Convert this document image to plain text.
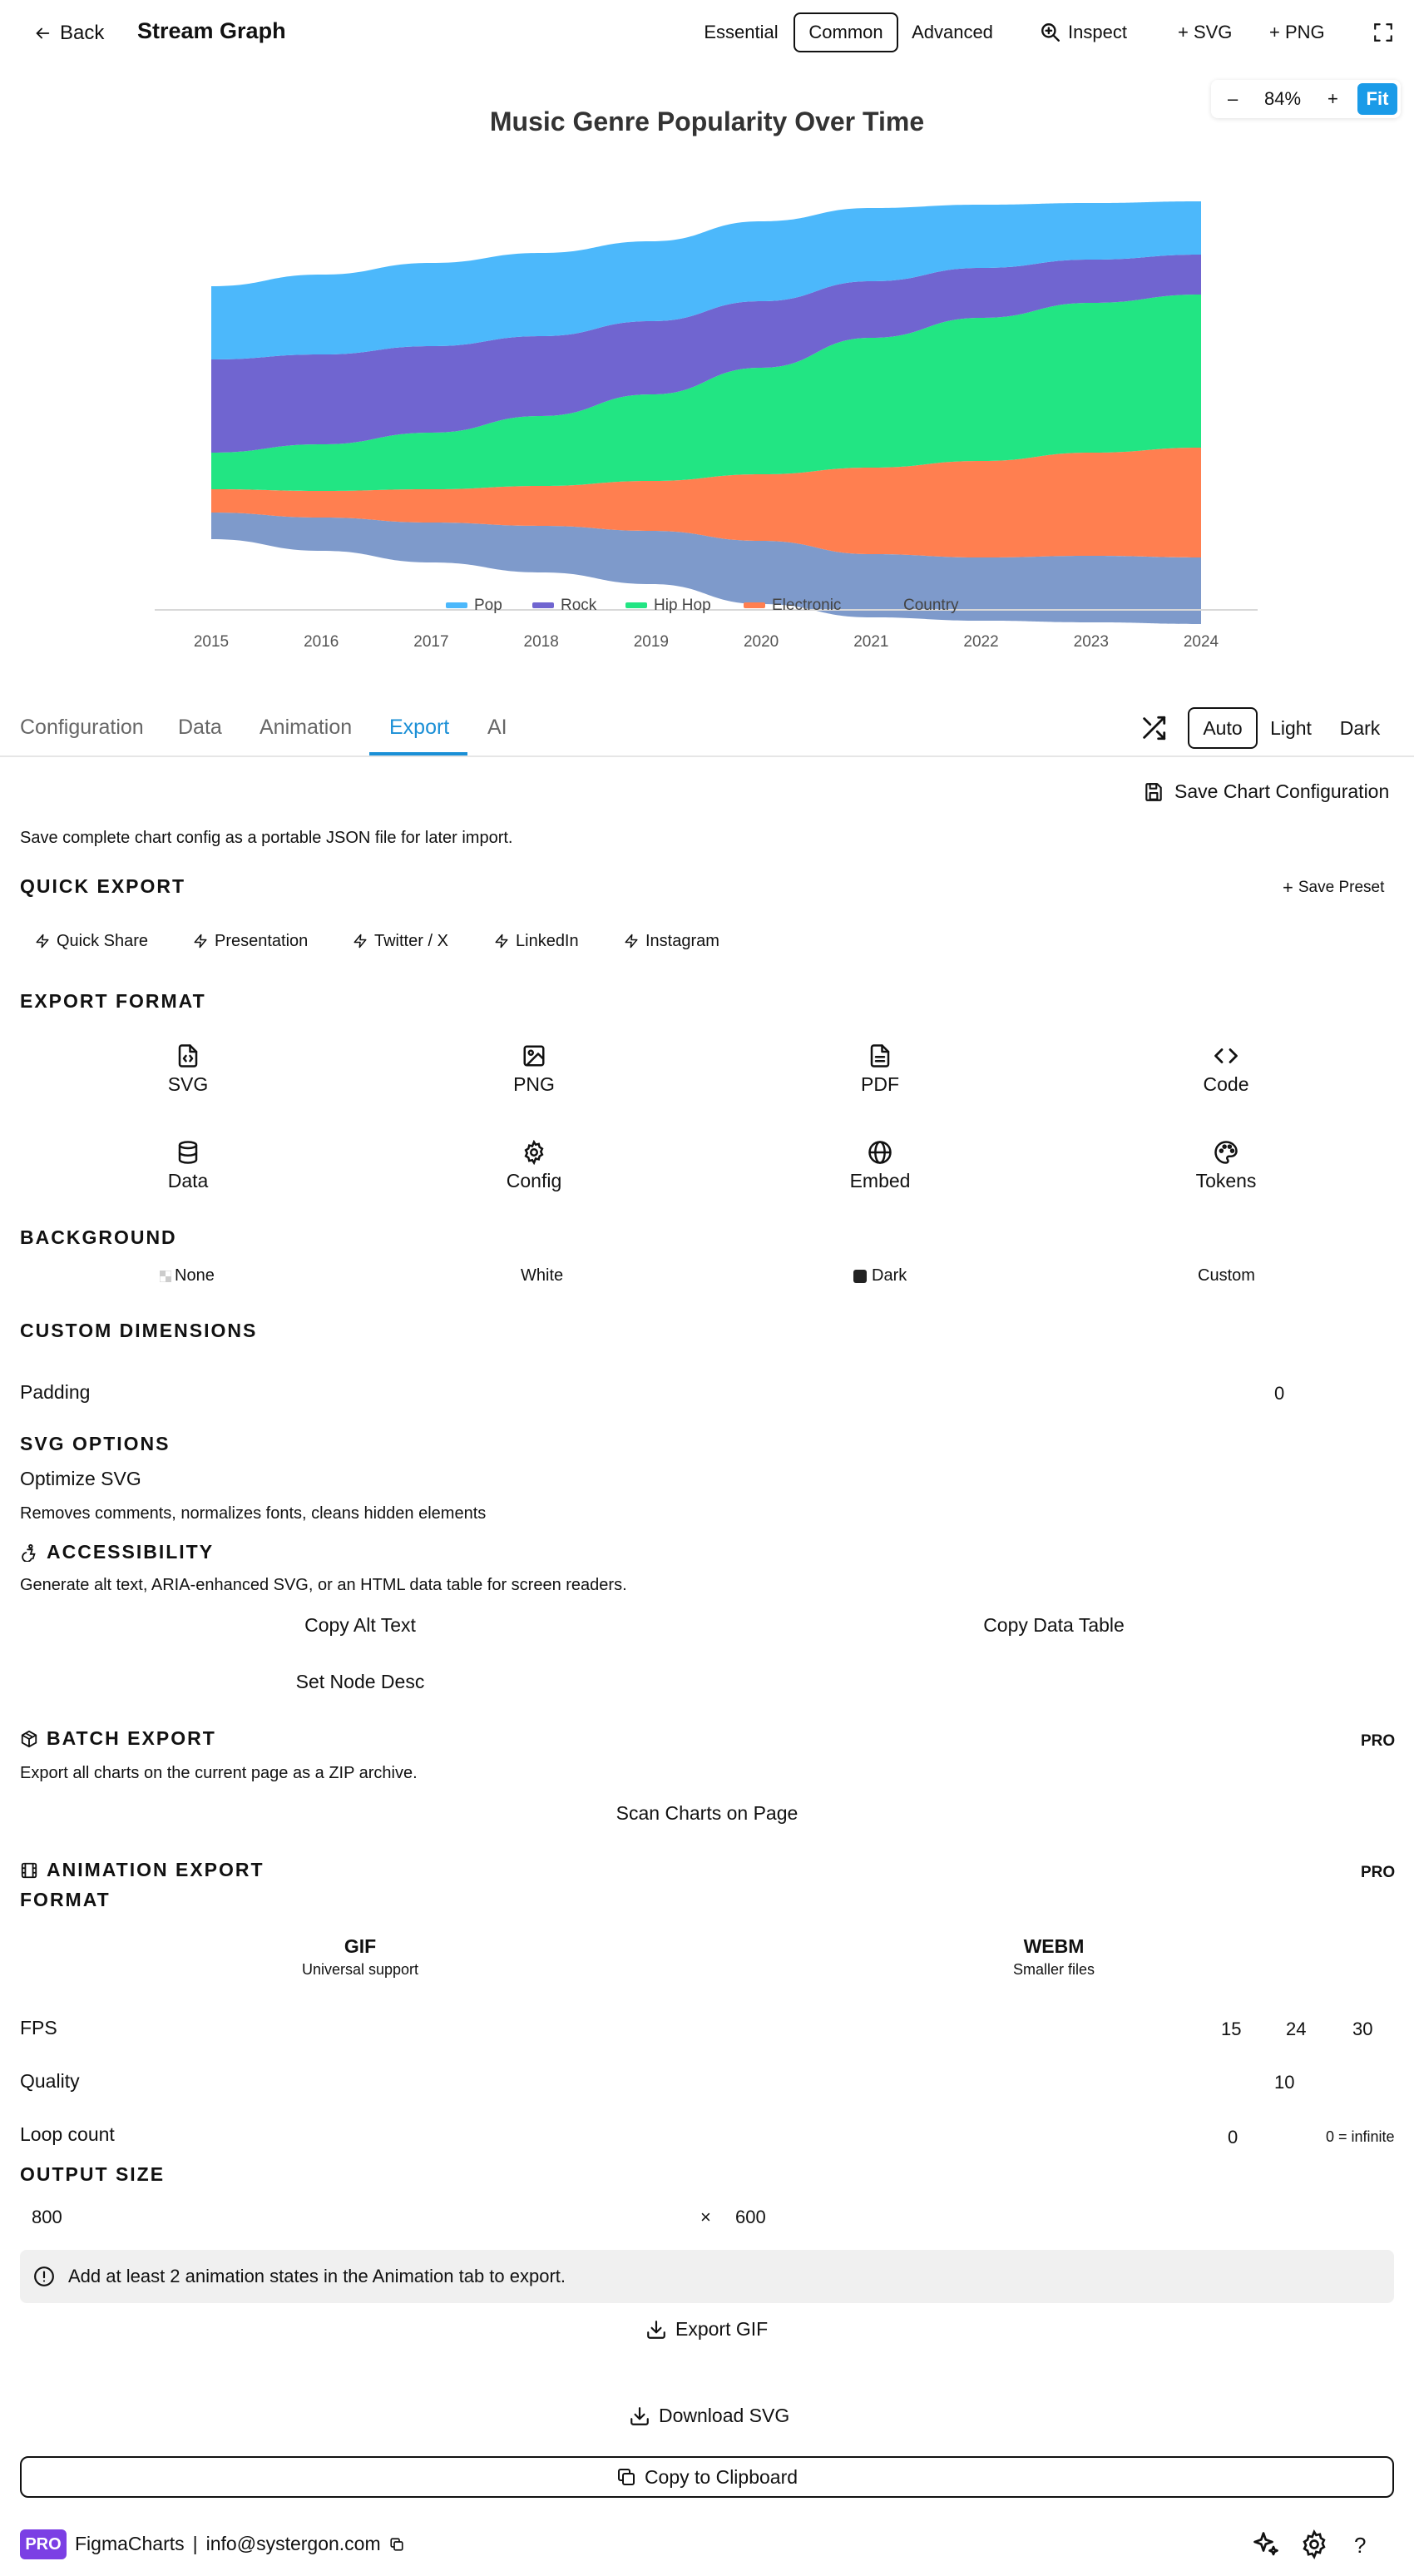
Back Stream Graph	Essential	Common	Advanced	Inspect	+ SVG + PNG
– 84% +	Fit
Music Genre Popularity Over Time
Pop	Rock	Hip Hop	Electronic	Country
2015	2016	2017	2018	2019	2020	2021	2022	2023	2024
Configuration Data Animation Export AI	Auto	Light	Dark
Save Chart Configuration
Save complete chart config as a portable JSON file for later import.
QUICK EXPORT	+ Save Preset
Quick Share	Presentation	Twitter / X	LinkedIn	Instagram
EXPORT FORMAT
SVG	PNG	PDF	Code
Data	Config	Embed	Tokens
BACKGROUND
None	White	Dark	Custom
CUSTOM DIMENSIONS
Padding	0
SVG OPTIONS
Optimize SVG
Removes comments, normalizes fonts, cleans hidden elements
ACCESSIBILITY
Generate alt text, ARIA-enhanced SVG, or an HTML data table for screen readers.
Copy Alt Text	Copy Data Table
Set Node Desc
BATCH EXPORT	PRO
Export all charts on the current page as a ZIP archive.
Scan Charts on Page
ANIMATION EXPORT	PRO
FORMAT
GIF
Universal support
WEBM
Smaller files
FPS	15 24	30
Quality	10
Loop count	0	0 = infinite
OUTPUT SIZE
800	× 600
Add at least 2 animation states in the Animation tab to export.
Export GIF
Download SVG
Copy to Clipboard
PRO FigmaCharts | info@systergon.com	?
